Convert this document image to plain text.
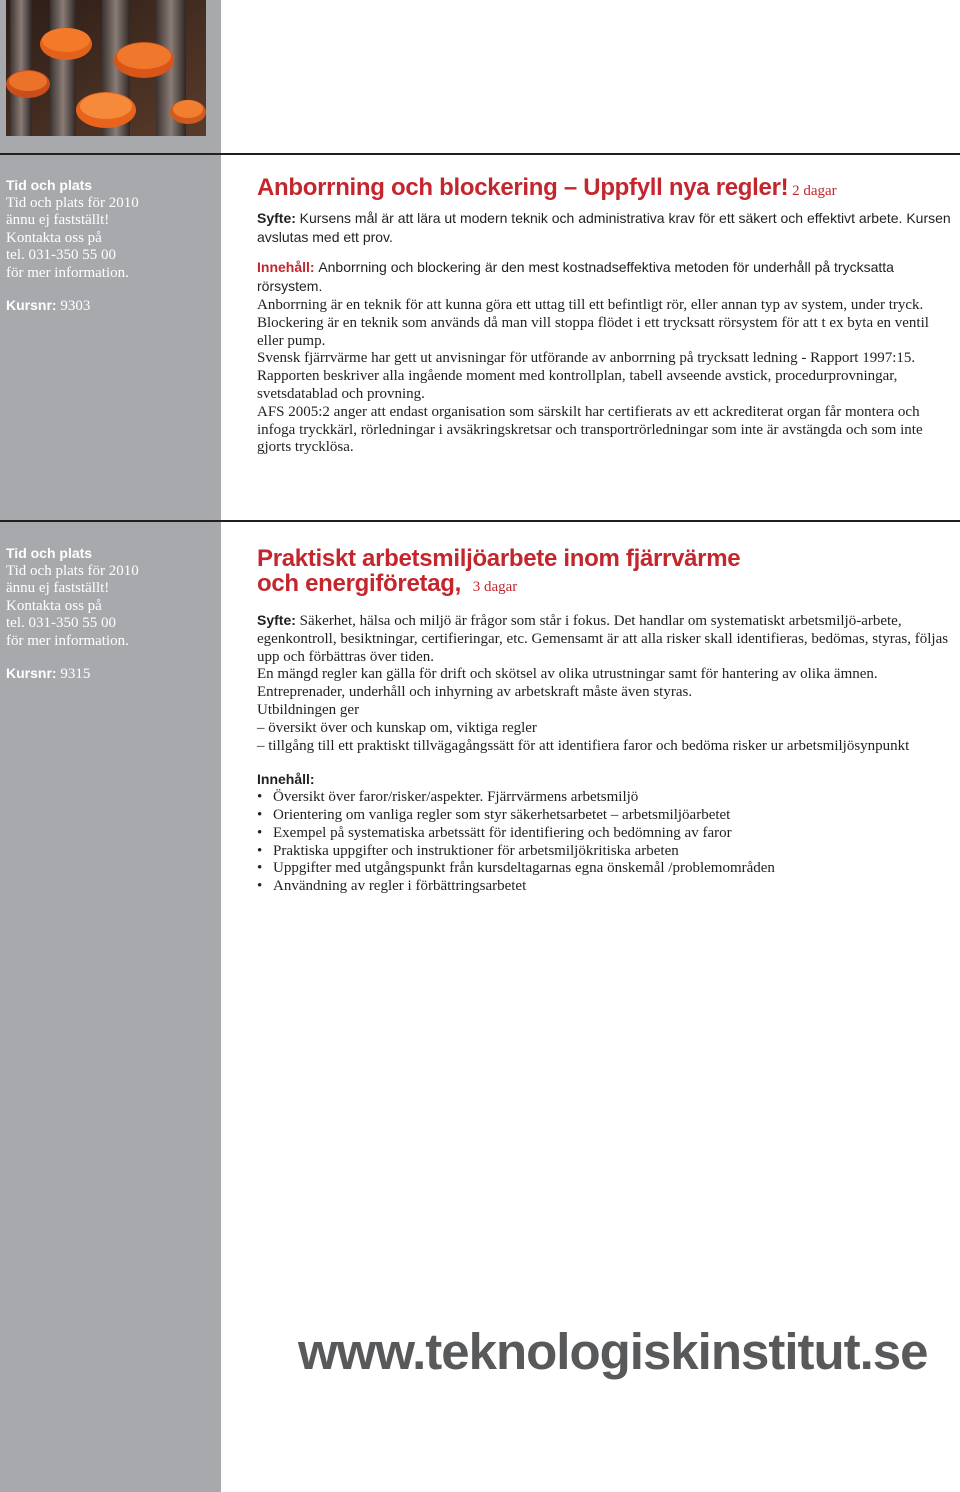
Tid och plats
Tid och plats för 2010
ännu ej fastställt!
Kontakta oss på
tel. 031-350 55 00
för mer information.
Kursnr: 9303

Anborrning och blockering – Uppfyll nya regler! 2 dagar

Syfte: Kursens mål är att lära ut modern teknik och administrativa krav för ett säkert och effektivt arbete. Kursen avslutas med ett prov.

Innehåll: Anborrning och blockering är den mest kostnadseffektiva metoden för underhåll på trycksatta rörsystem.

Anborrning är en teknik för att kunna göra ett uttag till ett befintligt rör, eller annan typ av system, under tryck. Blockering är en teknik som används då man vill stoppa flödet i ett trycksatt rörsystem för att t ex byta en ventil eller pump.

Svensk fjärrvärme har gett ut anvisningar för utförande av anborrning på trycksatt ledning - Rapport 1997:15. Rapporten beskriver alla ingående moment med kontrollplan, tabell avseende avstick, procedurprovningar, svetsdatablad och provning.

AFS 2005:2 anger att endast organisation som särskilt har certifierats av ett ackrediterat organ får montera och infoga tryckkärl, rörledningar i avsäkringskretsar och transportrörledningar som inte är avstängda och som inte gjorts trycklösa.

Tid och plats
Tid och plats för 2010
ännu ej fastställt!
Kontakta oss på
tel. 031-350 55 00
för mer information.
Kursnr: 9315

Praktiskt arbetsmiljöarbete inom fjärrvärme

och energiföretag, 3 dagar

Syfte: Säkerhet, hälsa och miljö är frågor som står i fokus. Det handlar om systematiskt arbetsmiljö-arbete, egenkontroll, besiktningar, certifieringar, etc. Gemensamt är att alla risker skall identifieras, bedömas, styras, följas upp och förbättras över tiden.

En mängd regler kan gälla för drift och skötsel av olika utrustningar samt för hantering av olika ämnen.

Entreprenader, underhåll och inhyrning av arbetskraft måste även styras.

Utbildningen ger

– översikt över och kunskap om, viktiga regler

– tillgång till ett praktiskt tillvägagångssätt för att identifiera faror och bedöma risker ur arbetsmiljösynpunkt

Innehåll:

• Översikt över faror/risker/aspekter. Fjärrvärmens arbetsmiljö
• Orientering om vanliga regler som styr säkerhetsarbetet – arbetsmiljöarbetet
• Exempel på systematiska arbetssätt för identifiering och bedömning av faror
• Praktiska uppgifter och instruktioner för arbetsmiljökritiska arbeten
• Uppgifter med utgångspunkt från kursdeltagarnas egna önskemål /problemområden
• Användning av regler i förbättringsarbetet
www.teknologiskinstitut.se
